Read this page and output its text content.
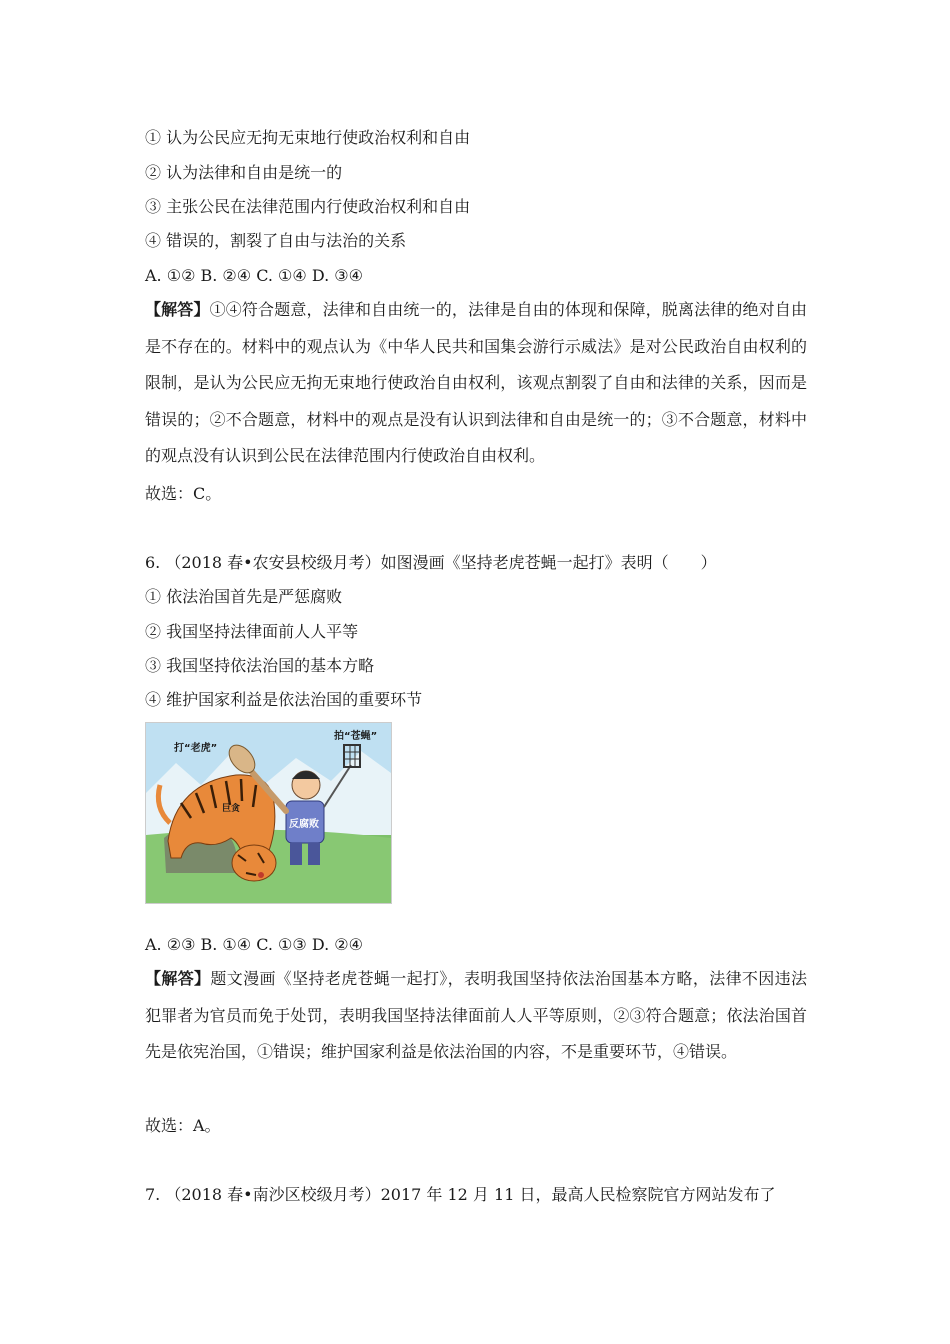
① 认为公民应无拘无束地行使政治权利和自由
② 认为法律和自由是统一的
③ 主张公民在法律范围内行使政治权利和自由
④ 错误的，割裂了自由与法治的关系
A. ①② B. ②④ C. ①④ D. ③④
【解答】①④符合题意，法律和自由统一的，法律是自由的体现和保障，脱离法律的绝对自由是不存在的。材料中的观点认为《中华人民共和国集会游行示威法》是对公民政治自由权利的限制，是认为公民应无拘无束地行使政治自由权利，该观点割裂了自由和法律的关系，因而是错误的；②不合题意，材料中的观点是没有认识到法律和自由是统一的；③不合题意，材料中的观点没有认识到公民在法律范围内行使政治自由权利。
故选：C。
6. （2018 春•农安县校级月考）如图漫画《坚持老虎苍蝇一起打》表明（　　）
① 依法治国首先是严惩腐败
② 我国坚持法律面前人人平等
③ 我国坚持依法治国的基本方略
④ 维护国家利益是依法治国的重要环节
打“老虎”
拍“苍蝇”
巨贪
反腐败
A. ②③ B. ①④ C. ①③ D. ②④
【解答】题文漫画《坚持老虎苍蝇一起打》，表明我国坚持依法治国基本方略，法律不因违法犯罪者为官员而免于处罚，表明我国坚持法律面前人人平等原则，②③符合题意；依法治国首先是依宪治国，①错误；维护国家利益是依法治国的内容，不是重要环节，④错误。
故选：A。
7. （2018 春•南沙区校级月考）2017 年 12 月 11 日，最高人民检察院官方网站发布了
